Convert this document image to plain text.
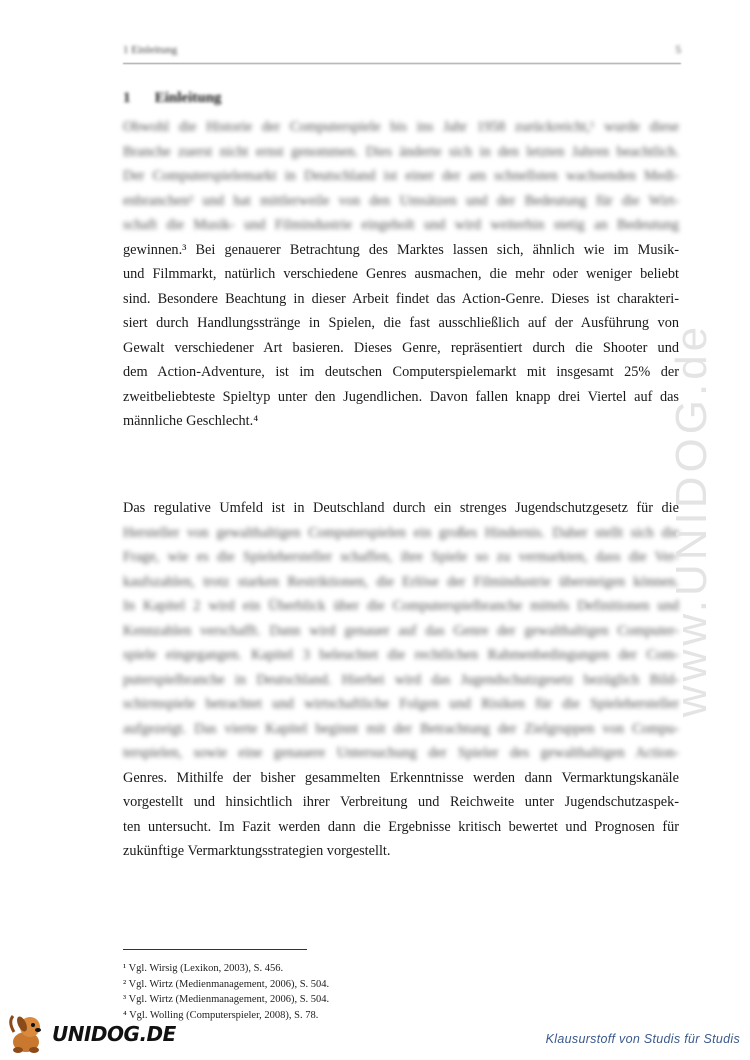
1 Einleitung	5
1 Einleitung
Obwohl die Historie der Computerspiele bis ins Jahr 1958 zurückreicht,¹ wurde diese
Branche zuerst nicht ernst genommen. Dies änderte sich in den letzten Jahren beachtlich.
Der Computerspielemarkt in Deutschland ist einer der am schnellsten wachsenden Medi-
enbranchen² und hat mittlerweile von den Umsätzen und der Bedeutung für die Wirt-
schaft die Musik- und Filmindustrie eingeholt und wird weiterhin stetig an Bedeutung
gewinnen.³ Bei genauerer Betrachtung des Marktes lassen sich, ähnlich wie im Musik-
und Filmmarkt, natürlich verschiedene Genres ausmachen, die mehr oder weniger beliebt
sind. Besondere Beachtung in dieser Arbeit findet das Action-Genre. Dieses ist charakteri-
siert durch Handlungsstränge in Spielen, die fast ausschließlich auf der Ausführung von
Gewalt verschiedener Art basieren. Dieses Genre, repräsentiert durch die Shooter und
dem Action-Adventure, ist im deutschen Computerspielemarkt mit insgesamt 25% der
zweitbeliebteste Spieltyp unter den Jugendlichen. Davon fallen knapp drei Viertel auf das
männliche Geschlecht.⁴
Das regulative Umfeld ist in Deutschland durch ein strenges Jugendschutzgesetz für die
Hersteller von gewalthaltigen Computerspielen ein großes Hindernis. Daher stellt sich die
Frage, wie es die Spielehersteller schaffen, ihre Spiele so zu vermarkten, dass die Ver-
kaufszahlen, trotz starken Restriktionen, die Erlöse der Filmindustrie übersteigen können.
In Kapitel 2 wird ein Überblick über die Computerspielbranche mittels Definitionen und
Kennzahlen verschafft. Dann wird genauer auf das Genre der gewalthaltigen Computer-
spiele eingegangen. Kapitel 3 beleuchtet die rechtlichen Rahmenbedingungen der Com-
puterspielbranche in Deutschland. Hierbei wird das Jugendschutzgesetz bezüglich Bild-
schirmspiele betrachtet und wirtschaftliche Folgen und Risiken für die Spielehersteller
aufgezeigt. Das vierte Kapitel beginnt mit der Betrachtung der Zielgruppen von Compu-
terspielen, sowie eine genauere Untersuchung der Spieler des gewalthaltigen Action-
Genres. Mithilfe der bisher gesammelten Erkenntnisse werden dann Vermarktungskanäle
vorgestellt und hinsichtlich ihrer Verbreitung und Reichweite unter Jugendschutzaspek-
ten untersucht. Im Fazit werden dann die Ergebnisse kritisch bewertet und Prognosen für
zukünftige Vermarktungsstrategien vorgestellt.
www.UNIDOG.de
¹ Vgl. Wirsig (Lexikon, 2003), S. 456.
² Vgl. Wirtz (Medienmanagement, 2006), S. 504.
³ Vgl. Wirtz (Medienmanagement, 2006), S. 504.
⁴ Vgl. Wolling (Computerspieler, 2008), S. 78.
UNIDOG.DE	Klausurstoff von Studis für Studis
